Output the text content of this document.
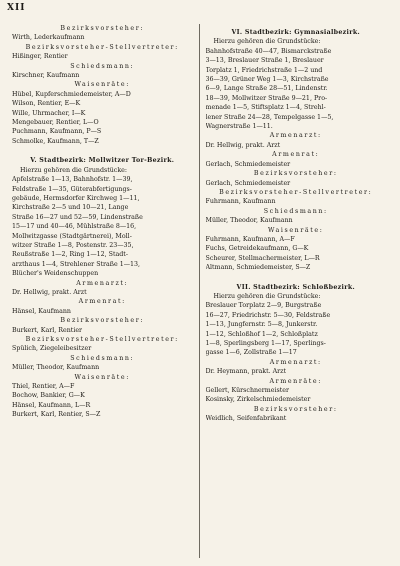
XII
Bezirksvorsteher:
Wirth, Lederkaufmann
Bezirksvorsteher-Stellvertreter:
Hißinger, Rentier
Schiedsmann:
Kirschner, Kaufmann
Waisenräte:
Hübel, Kupferschmiedemeister, A—D
Wilson, Rentier, E—K
Wille, Uhrmacher, I—K
Mengebauer, Rentier, L—O
Puchmann, Kaufmann, P—S
Schmolke, Kaufmann, T—Z
V. Stadtbezirk: Mollwitzer Tor-Bezirk.
Hierzu gehören die Grundstücke:
Apfelstraße 1—13, Bahnhofstr. 1—39,
Feldstraße 1—35, Güterabfertigungs-
gebäude, Hermsdorfer Kirchweg 1—11,
Kirchstraße 2—5 und 10—21, Lange
Straße 16—27 und 52—59, Lindenstraße
15—17 und 40—46, Mühlstraße 8—16,
Mollwitzgasse (Stadtgärtnerei), Moll-
witzer Straße 1—8, Postenstr. 23—35,
Reußstraße 1—2, Ring 1—12, Stadt-
arzthaus 1—4, Strehlener Straße 1—13,
Blücher's Weidenschuppen
Armenarzt:
Dr. Hellwig, prakt. Arzt
Armenrat:
Hänsel, Kaufmann
Bezirksvorsteher:
Burkert, Karl, Rentier
Bezirksvorsteher-Stellvertreter:
Spülich, Ziegeleibesitzer
Schiedsmann:
Müller, Theodor, Kaufmann
Waisenräte:
Thiel, Rentier, A—F
Bochow, Bankier, G—K
Hänsel, Kaufmann, L—R
Burkert, Karl, Rentier, S—Z
VI. Stadtbezirk: Gymnasialbezirk.
Hierzu gehören die Grundstücke:
Bahnhofstraße 40—47, Bismarckstraße
3—13, Breslauer Straße 1, Breslauer
Torplatz 1, Friedrichstraße 1—2 und
36—39, Grüner Weg 1—3, Kirchstraße
6—9, Lange Straße 28—51, Lindenstr.
18—39, Mollwitzer Straße 9—21, Pro-
menade 1—5, Stiftsplatz 1—4, Strehl-
lener Straße 24—28, Tempelgasse 1—5,
Wagnerstraße 1—11.
Armenarzt:
Dr. Hellwig, prakt. Arzt
Armenrat:
Gerlach, Schmiedemeister
Bezirksvorsteher:
Gerlach, Schmiedemeister
Bezirksvorsteher-Stellvertreter:
Fuhrmann, Kaufmann
Schiedsmann:
Müller, Theodor, Kaufmann
Waisenräte:
Fuhrmann, Kaufmann, A—F
Fuchs, Getreidekaufmann, G—K
Scheurer, Stellmachermeister, L—R
Altmann, Schmiedemeister, S—Z
VII. Stadtbezirk: Schloßbezirk.
Hierzu gehören die Grundstücke:
Breslauer Torplatz 2—9, Burgstraße
16—27, Friedrichstr. 5—30, Feldstraße
1—13, Jungfernstr. 5—8, Junkerstr.
1—12, Schloßhof 1—2, Schloßplatz
1—8, Sperlingsberg 1—17, Sperlings-
gasse 1—6, Zollstraße 1—17
Armenarzt:
Dr. Heymann, prakt. Arzt
Armenräte:
Gellert, Kürschnermeister
Kosinsky, Zirkelschmiedemeister
Bezirksvorsteher:
Weidlich, Seifenfabrikant
